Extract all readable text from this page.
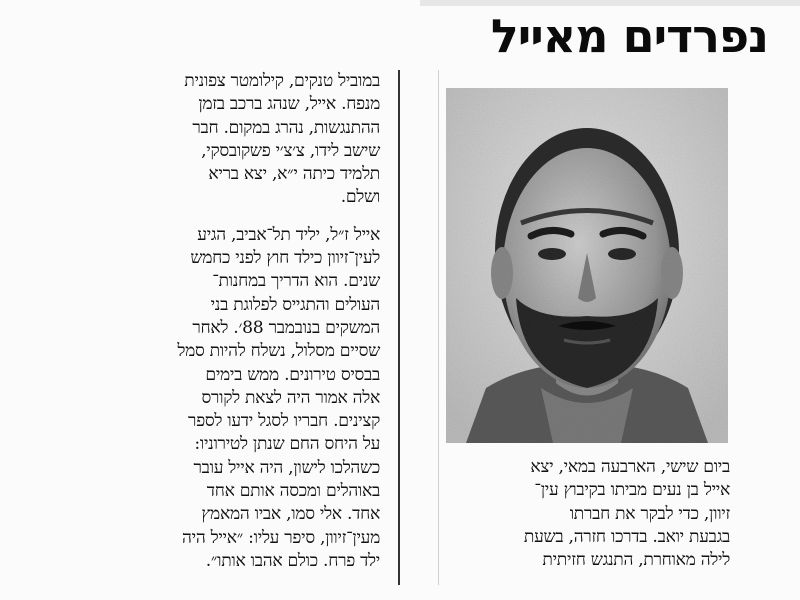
נפרדים מאייל

במוביל טנקים, קילומטר צפונית
מנפח. אייל, שנהג ברכב בזמן
ההתנגשות, נהרג במקום. חבר
שישב לידו, צ׳צ׳י פשקובסקי,
תלמיד כיתה י״א, יצא בריא
ושלם.

אייל ז״ל, יליד תל־אביב, הגיע
לעין־זיוון כילד חוץ לפני כחמש
שנים. הוא הדריך במחנות־
העולים והתגייס לפלוגת בני
המשקים בנובמבר 88׳. לאחר
שסיים מסלול, נשלח להיות סמל
בבסיס טירונים. ממש בימים
אלה אמור היה לצאת לקורס
קצינים. חבריו לסגל ידעו לספר
על היחס החם שנתן לטירוניו:
כשהלכו לישון, היה אייל עובר
באוהלים ומכסה אותם אחד
אחד. אלי סמו, אביו המאמץ
מעין־זיוון, סיפר עליו: ״אייל היה
ילד פרח. כולם אהבו אותו״.

ביום שישי, הארבעה במאי, יצא
אייל בן נעים מביתו בקיבוץ עין־
זיוון, כדי לבקר את חברתו
בגבעת יואב. בדרכו חזרה, בשעת
לילה מאוחרת, התנגש חזיתית
